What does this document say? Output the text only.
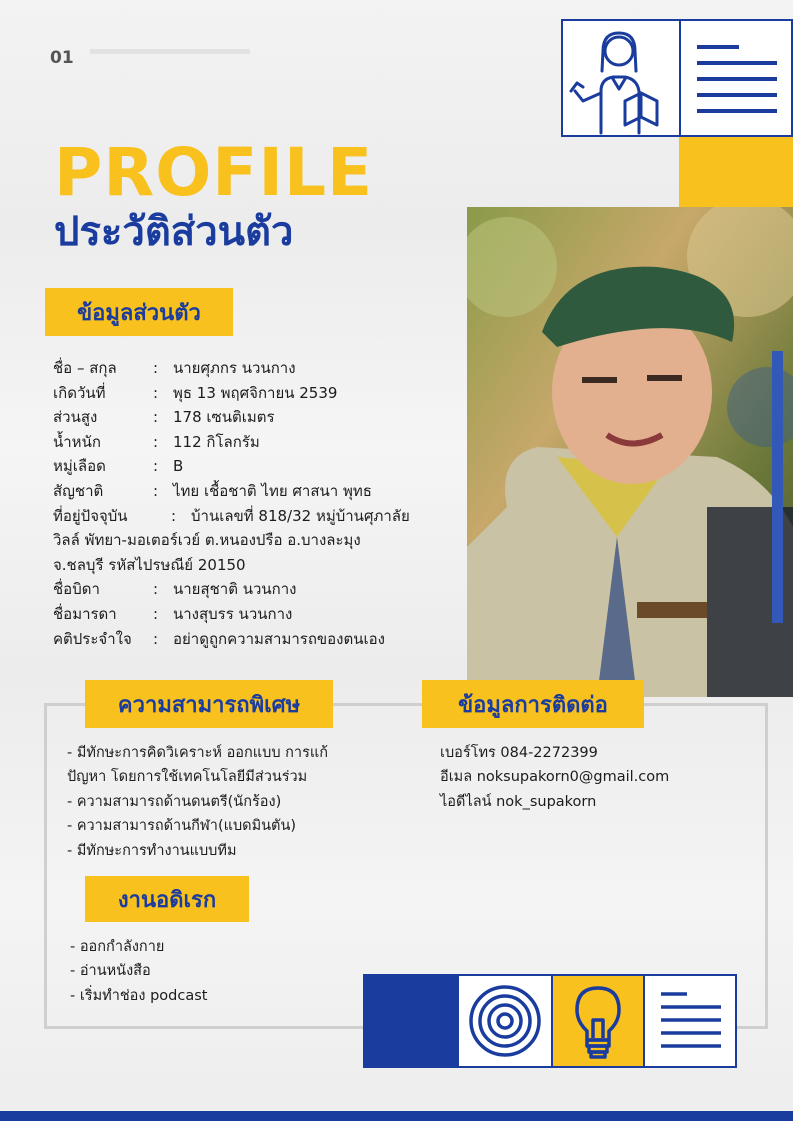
01
PROFILE
ประวัติส่วนตัว
ข้อมูลส่วนตัว
ชื่อ – สกุล	: นายศุภกร นวนกาง
เกิดวันที่	: พุธ 13 พฤศจิกายน 2539
ส่วนสูง	: 178 เซนติเมตร
น้ำหนัก	: 112 กิโลกรัม
หมู่เลือด	: B
สัญชาติ	: ไทย เชื้อชาติ ไทย ศาสนา พุทธ
ที่อยู่ปัจจุบัน	: บ้านเลขที่ 818/32 หมู่บ้านศุภาลัย
วิลล์ พัทยา-มอเตอร์เวย์ ต.หนองปรือ อ.บางละมุง
จ.ชลบุรี รหัสไปรษณีย์ 20150
ชื่อบิดา	: นายสุชาติ นวนกาง
ชื่อมารดา	: นางสุบรร นวนกาง
คติประจำใจ	: อย่าดูถูกความสามารถของตนเอง
ความสามารถพิเศษ	ข้อมูลการติดต่อ
- มีทักษะการคิดวิเคราะห์ ออกแบบ การแก้
ปัญหา โดยการใช้เทคโนโลยีมีส่วนร่วม
- ความสามารถด้านดนตรี(นักร้อง)
- ความสามารถด้านกีฬา(แบดมินตัน)
- มีทักษะการทำงานแบบทีม
เบอร์โทร 084-2272399
อีเมล noksupakorn0@gmail.com
ไอดีไลน์ nok_supakorn
งานอดิเรก
- ออกกำลังกาย
- อ่านหนังสือ
- เริ่มทำช่อง podcast
